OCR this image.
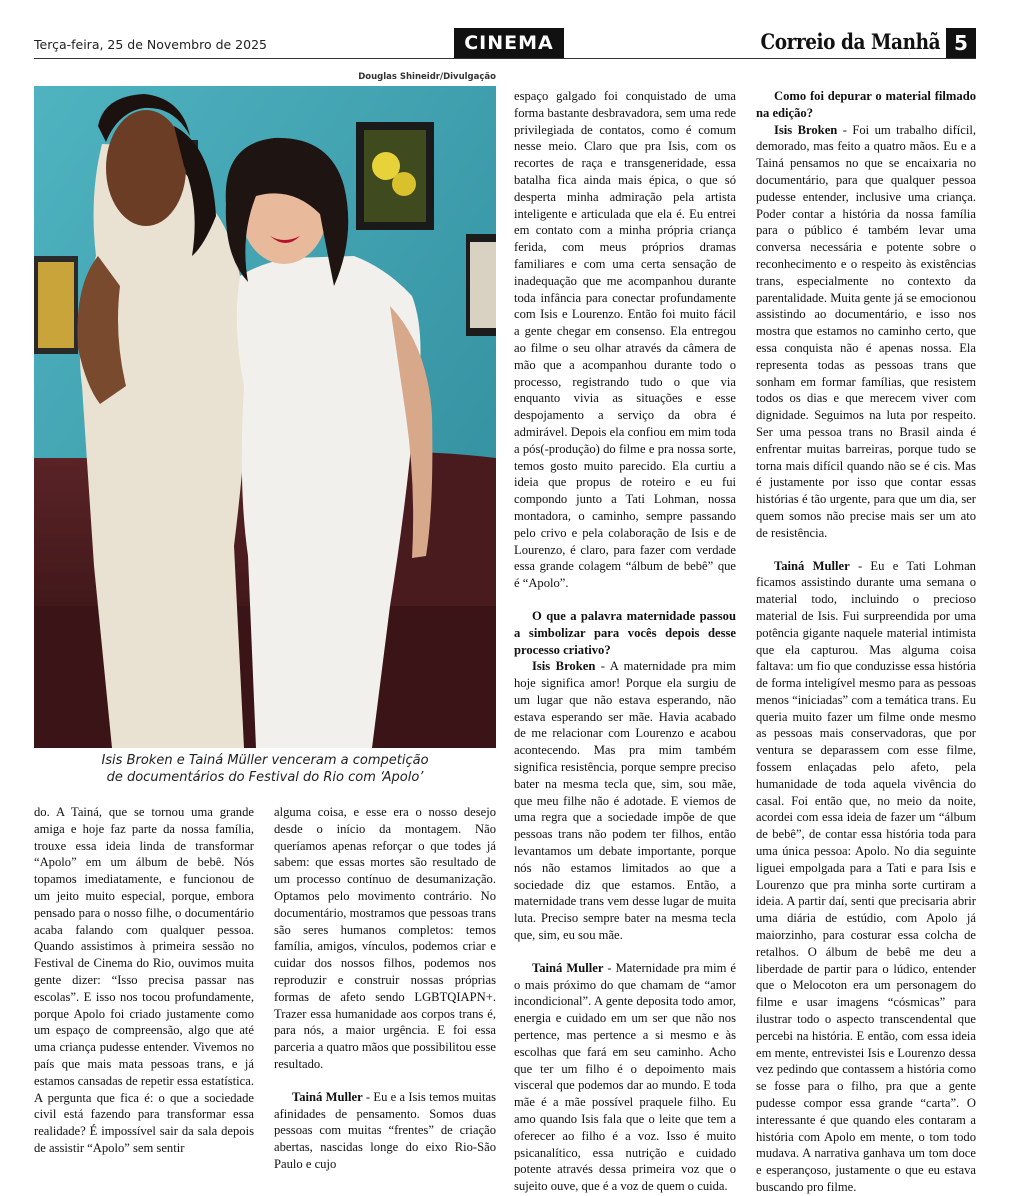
Terça-feira, 25 de Novembro de 2025	CINEMA	Correio da Manhã 5
Douglas Shineidr/Divulgação
Isis Broken e Tainá Müller venceram a competição
de documentários do Festival do Rio com ‘Apolo’

do. A Tainá, que se tornou uma grande amiga e hoje faz parte da nossa família, trouxe essa ideia linda de transformar “Apolo” em um álbum de bebê. Nós topamos imediatamente, e funcionou de um jeito muito especial, porque, embora pensado para o nosso filhe, o documentário acaba falando com qualquer pessoa. Quando assistimos à primeira sessão no Festival de Cinema do Rio, ouvimos muita gente dizer: “Isso precisa passar nas escolas”. E isso nos tocou profundamente, porque Apolo foi criado justamente como um espaço de compreensão, algo que até uma criança pudesse entender. Vivemos no país que mais mata pessoas trans, e já estamos cansadas de repetir essa estatística. A pergunta que fica é: o que a sociedade civil está fazendo para transformar essa realidade? É impossível sair da sala depois de assistir “Apolo” sem sentir

alguma coisa, e esse era o nosso desejo desde o início da montagem. Não queríamos apenas reforçar o que todes já sabem: que essas mortes são resultado de um processo contínuo de desumanização. Optamos pelo movimento contrário. No documentário, mostramos que pessoas trans são seres humanos completos: temos família, amigos, vínculos, podemos criar e cuidar dos nossos filhos, podemos nos reproduzir e construir nossas próprias formas de afeto sendo LGBTQIAPN+. Trazer essa humanidade aos corpos trans é, para nós, a maior urgência. E foi essa parceria a quatro mãos que possibilitou esse resultado.

Tainá Muller - Eu e a Isis temos muitas afinidades de pensamento. Somos duas pessoas com muitas “frentes” de criação abertas, nascidas longe do eixo Rio-São Paulo e cujo

espaço galgado foi conquistado de uma forma bastante desbravadora, sem uma rede privilegiada de contatos, como é comum nesse meio. Claro que pra Isis, com os recortes de raça e transgeneridade, essa batalha fica ainda mais épica, o que só desperta minha admiração pela artista inteligente e articulada que ela é. Eu entrei em contato com a minha própria criança ferida, com meus próprios dramas familiares e com uma certa sensação de inadequação que me acompanhou durante toda infância para conectar profundamente com Isis e Lourenzo. Então foi muito fácil a gente chegar em consenso. Ela entregou ao filme o seu olhar através da câmera de mão que a acompanhou durante todo o processo, registrando tudo o que via enquanto vivia as situações e esse despojamento a serviço da obra é admirável. Depois ela confiou em mim toda a pós(-produção) do filme e pra nossa sorte, temos gosto muito parecido. Ela curtiu a ideia que propus de roteiro e eu fui compondo junto a Tati Lohman, nossa montadora, o caminho, sempre passando pelo crivo e pela colaboração de Isis e de Lourenzo, é claro, para fazer com verdade essa grande colagem “álbum de bebê” que é “Apolo”.

O que a palavra maternidade passou a simbolizar para vocês depois desse processo criativo?

Isis Broken - A maternidade pra mim hoje significa amor! Porque ela surgiu de um lugar que não estava esperando, não estava esperando ser mãe. Havia acabado de me relacionar com Lourenzo e acabou acontecendo. Mas pra mim também significa resistência, porque sempre preciso bater na mesma tecla que, sim, sou mãe, que meu filhe não é adotade. E viemos de uma regra que a sociedade impõe de que pessoas trans não podem ter filhos, então levantamos um debate importante, porque nós não estamos limitados ao que a sociedade diz que estamos. Então, a maternidade trans vem desse lugar de muita luta. Preciso sempre bater na mesma tecla que, sim, eu sou mãe.

Tainá Muller - Maternidade pra mim é o mais próximo do que chamam de “amor incondicional”. A gente deposita todo amor, energia e cuidado em um ser que não nos pertence, mas pertence a si mesmo e às escolhas que fará em seu caminho. Acho que ter um filho é o depoimento mais visceral que podemos dar ao mundo. E toda mãe é a mãe possível praquele filho. Eu amo quando Isis fala que o leite que tem a oferecer ao filho é a voz. Isso é muito psicanalítico, essa nutrição e cuidado potente através dessa primeira voz que o sujeito ouve, que é a voz de quem o cuida.

Como foi depurar o material filmado na edição?

Isis Broken - Foi um trabalho difícil, demorado, mas feito a quatro mãos. Eu e a Tainá pensamos no que se encaixaria no documentário, para que qualquer pessoa pudesse entender, inclusive uma criança. Poder contar a história da nossa família para o público é também levar uma conversa necessária e potente sobre o reconhecimento e o respeito às existências trans, especialmente no contexto da parentalidade. Muita gente já se emocionou assistindo ao documentário, e isso nos mostra que estamos no caminho certo, que essa conquista não é apenas nossa. Ela representa todas as pessoas trans que sonham em formar famílias, que resistem todos os dias e que merecem viver com dignidade. Seguimos na luta por respeito. Ser uma pessoa trans no Brasil ainda é enfrentar muitas barreiras, porque tudo se torna mais difícil quando não se é cis. Mas é justamente por isso que contar essas histórias é tão urgente, para que um dia, ser quem somos não precise mais ser um ato de resistência.

Tainá Muller - Eu e Tati Lohman ficamos assistindo durante uma semana o material todo, incluindo o precioso material de Isis. Fui surpreendida por uma potência gigante naquele material intimista que ela capturou. Mas alguma coisa faltava: um fio que conduzisse essa história de forma inteligível mesmo para as pessoas menos “iniciadas” com a temática trans. Eu queria muito fazer um filme onde mesmo as pessoas mais conservadoras, que por ventura se deparassem com esse filme, fossem enlaçadas pelo afeto, pela humanidade de toda aquela vivência do casal. Foi então que, no meio da noite, acordei com essa ideia de fazer um “álbum de bebê”, de contar essa história toda para uma única pessoa: Apolo. No dia seguinte liguei empolgada para a Tati e para Isis e Lourenzo que pra minha sorte curtiram a ideia. A partir daí, senti que precisaria abrir uma diária de estúdio, com Apolo já maiorzinho, para costurar essa colcha de retalhos. O álbum de bebê me deu a liberdade de partir para o lúdico, entender que o Melocoton era um personagem do filme e usar imagens “cósmicas” para ilustrar todo o aspecto transcendental que percebi na história. E então, com essa ideia em mente, entrevistei Isis e Lourenzo dessa vez pedindo que contassem a história como se fosse para o filho, pra que a gente pudesse compor essa grande “carta”. O interessante é que quando eles contaram a história com Apolo em mente, o tom todo mudava. A narrativa ganhava um tom doce e esperançoso, justamente o que eu estava buscando pro filme.
